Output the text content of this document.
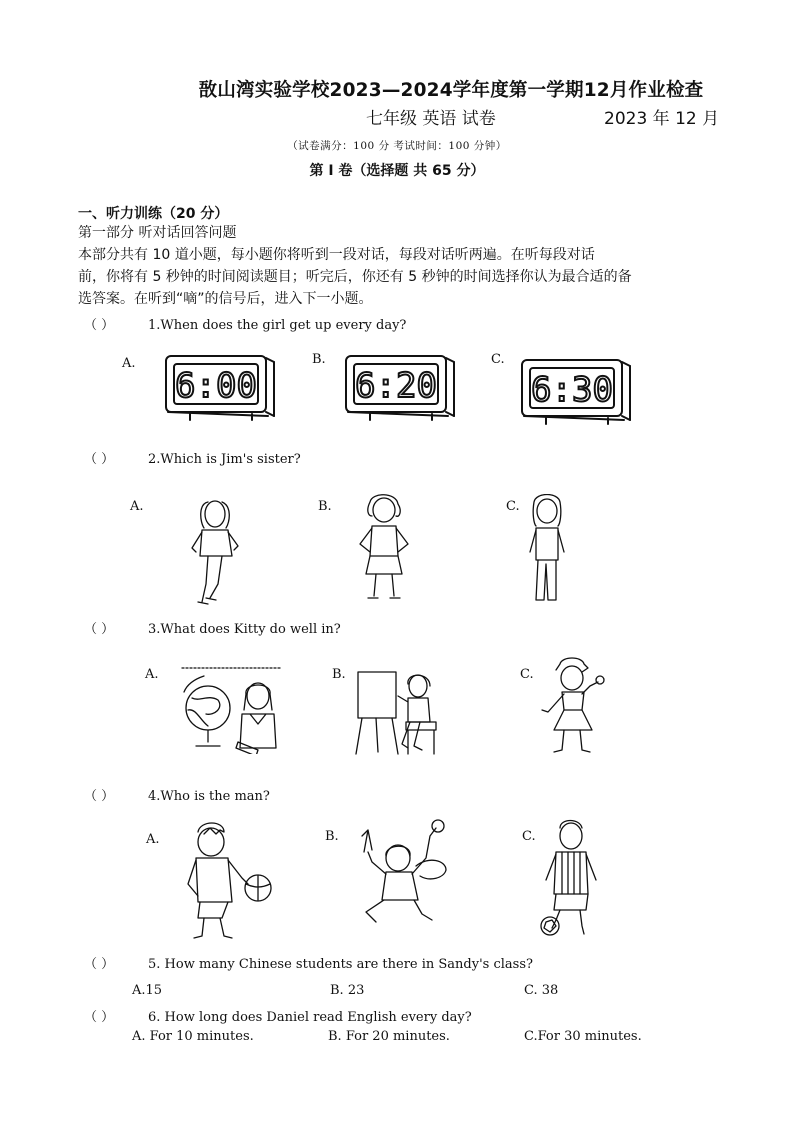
敔山湾实验学校2023—2024学年度第一学期12月作业检查
七年级 英语 试卷	2023 年 12 月
（试卷满分：100 分 考试时间：100 分钟）
第 I 卷（选择题 共 65 分）
一、听力训练（20 分）
第一部分 听对话回答问题
本部分共有 10 道小题，每小题你将听到一段对话，每段对话听两遍。在听每段对话
前，你将有 5 秒钟的时间阅读题目；听完后，你还有 5 秒钟的时间选择你认为最合适的备
选答案。在听到“嘀”的信号后，进入下一小题。
（ ）	1.When does the girl get up every day?
A.	B.	C.
6:00	6:20	6:30
（ ）	2.Which is Jim's sister?
A.	B.	C.
（ ）	3.What does Kitty do well in?
A.	B.	C.
（ ）	4.Who is the man?
A.	B.	C.
（ ）	5. How many Chinese students are there in Sandy's class?
A.15	B. 23	C. 38
（ ）	6. How long does Daniel read English every day?
A. For 10 minutes.	B. For 20 minutes.	C.For 30 minutes.
